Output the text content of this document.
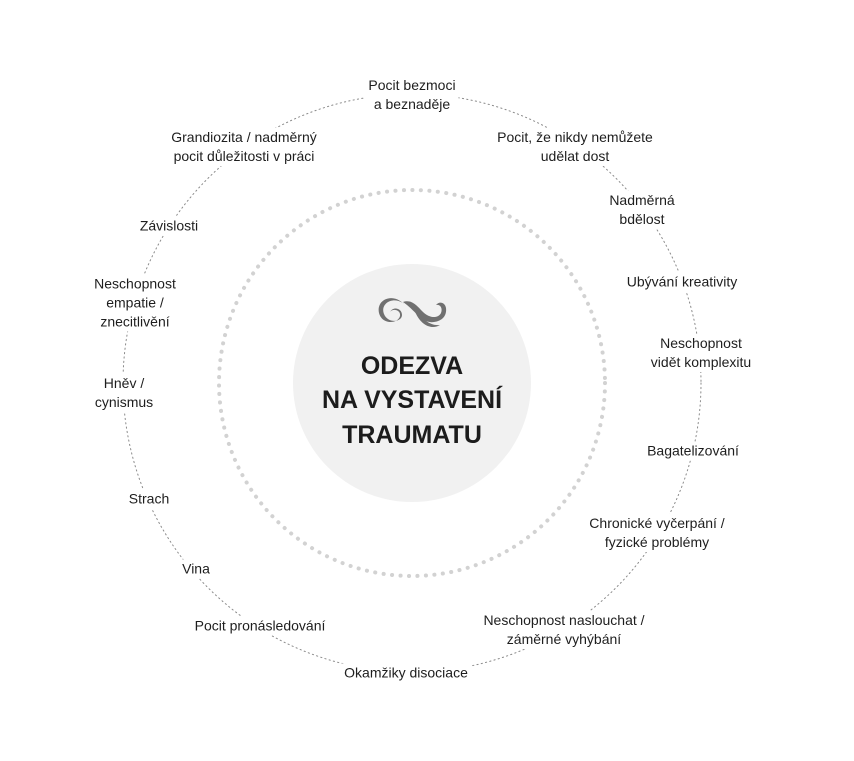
ODEZVA
NA VYSTAVENÍ
TRAUMATU
Pocit bezmoci
a beznaděje
Pocit, že nikdy nemůžete
udělat dost
Nadměrná
bdělost
Ubývání kreativity
Neschopnost
vidět komplexitu
Bagatelizování
Chronické vyčerpání /
fyzické problémy
Neschopnost naslouchat /
záměrné vyhýbání
Okamžiky disociace
Pocit pronásledování
Vina
Strach
Hněv /
cynismus
Neschopnost
empatie /
znecitlivění
Závislosti
Grandiozita / nadměrný
pocit důležitosti v práci
